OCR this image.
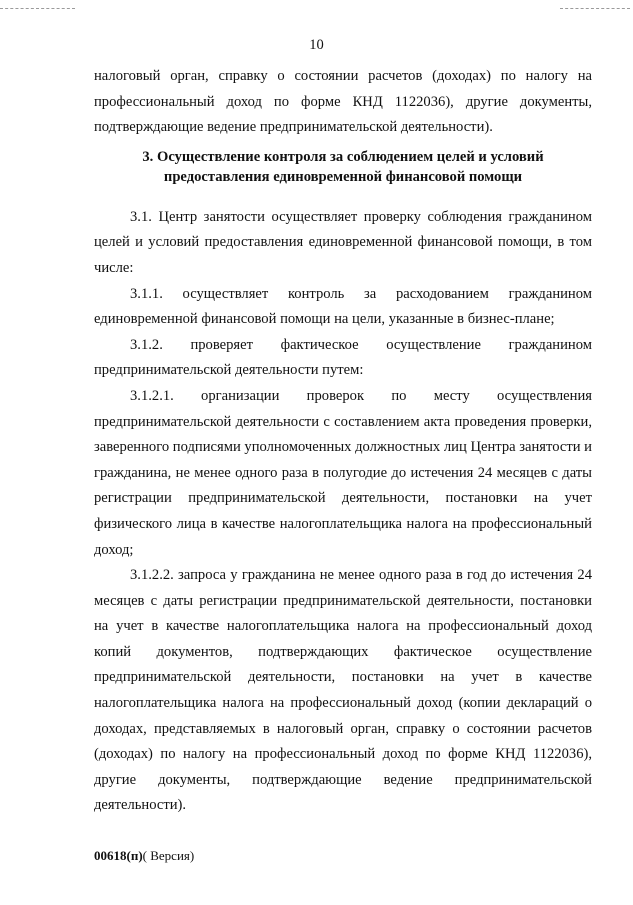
10

налоговый орган, справку о состоянии расчетов (доходах) по налогу на профессиональный доход по форме КНД 1122036), другие документы, подтверждающие ведение предпринимательской деятельности).

3. Осуществление контроля за соблюдением целей и условий предоставления единовременной финансовой помощи

3.1. Центр занятости осуществляет проверку соблюдения гражданином целей и условий предоставления единовременной финансовой помощи, в том числе:

3.1.1. осуществляет контроль за расходованием гражданином единовременной финансовой помощи на цели, указанные в бизнес-плане;

3.1.2. проверяет фактическое осуществление гражданином предпринимательской деятельности путем:

3.1.2.1. организации проверок по месту осуществления предпринимательской деятельности с составлением акта проведения проверки, заверенного подписями уполномоченных должностных лиц Центра занятости и гражданина, не менее одного раза в полугодие до истечения 24 месяцев с даты регистрации предпринимательской деятельности, постановки на учет физического лица в качестве налогоплательщика налога на профессиональный доход;

3.1.2.2. запроса у гражданина не менее одного раза в год до истечения 24 месяцев с даты регистрации предпринимательской деятельности, постановки на учет в качестве налогоплательщика налога на профессиональный доход копий документов, подтверждающих фактическое осуществление предпринимательской деятельности, постановки на учет в качестве налогоплательщика налога на профессиональный доход (копии деклараций о доходах, представляемых в налоговый орган, справку о состоянии расчетов (доходах) по налогу на профессиональный доход по форме КНД 1122036), другие документы, подтверждающие ведение предпринимательской деятельности).

00618(п)( Версия)
